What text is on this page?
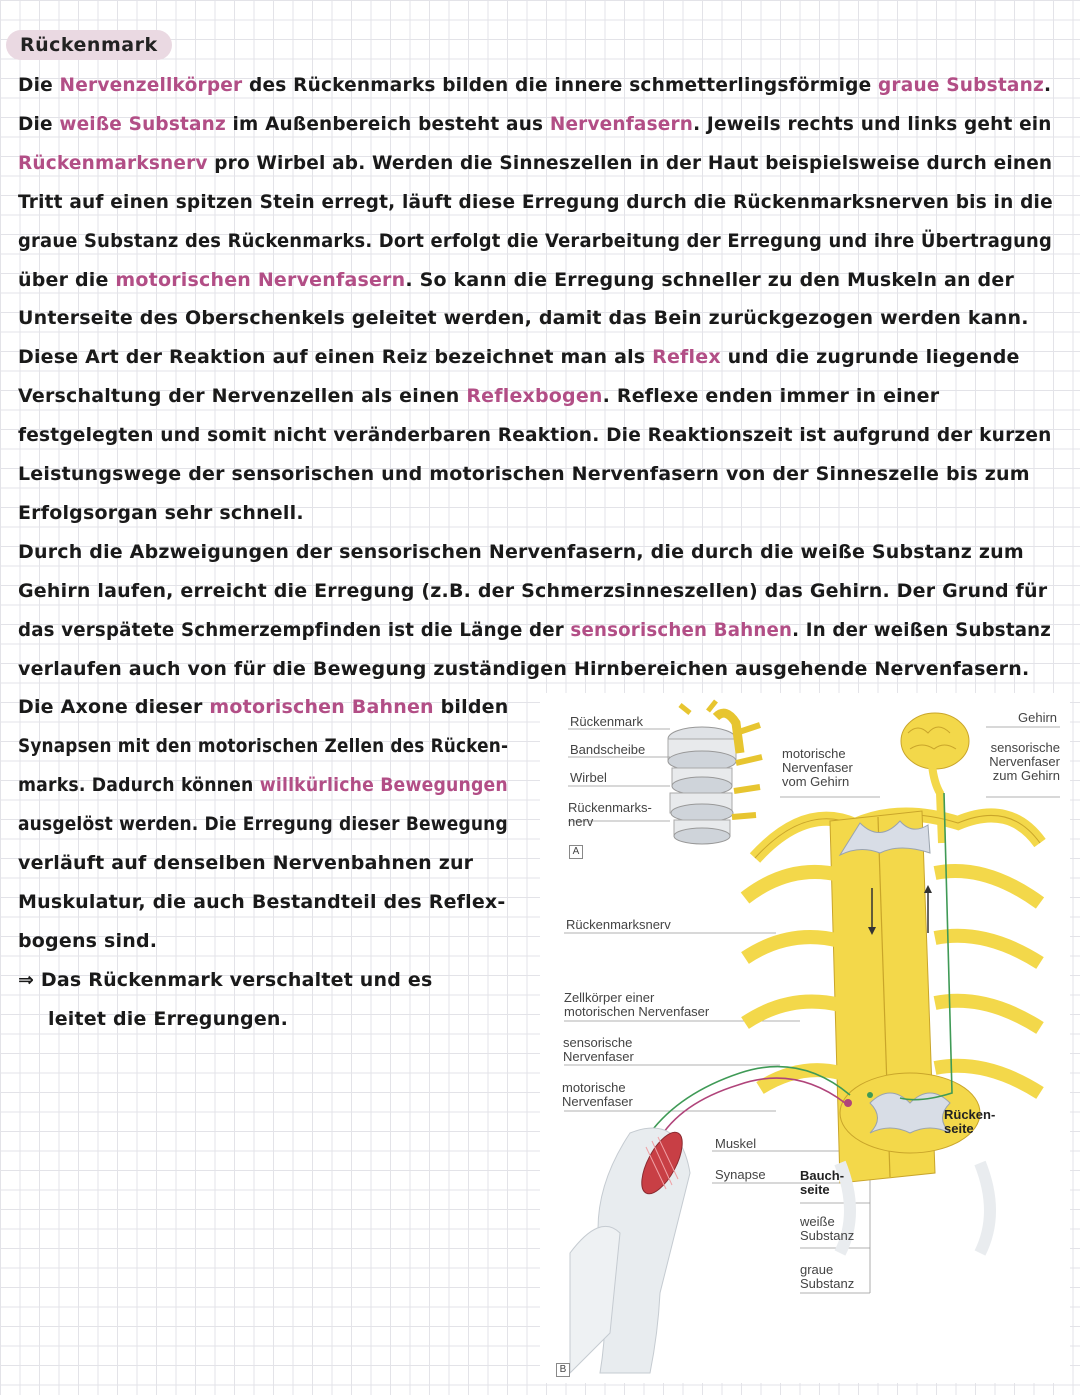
Rückenmark
Die Nervenzellkörper des Rückenmarks bilden die innere schmetterlingsförmige graue Substanz.
Die weiße Substanz im Außenbereich besteht aus Nervenfasern. Jeweils rechts und links geht ein
Rückenmarksnerv pro Wirbel ab. Werden die Sinneszellen in der Haut beispielsweise durch einen
Tritt auf einen spitzen Stein erregt, läuft diese Erregung durch die Rückenmarksnerven bis in die
graue Substanz des Rückenmarks. Dort erfolgt die Verarbeitung der Erregung und ihre Übertragung
über die motorischen Nervenfasern. So kann die Erregung schneller zu den Muskeln an der
Unterseite des Oberschenkels geleitet werden, damit das Bein zurückgezogen werden kann.
Diese Art der Reaktion auf einen Reiz bezeichnet man als Reflex und die zugrunde liegende
Verschaltung der Nervenzellen als einen Reflexbogen. Reflexe enden immer in einer
festgelegten und somit nicht veränderbaren Reaktion. Die Reaktionszeit ist aufgrund der kurzen
Leistungswege der sensorischen und motorischen Nervenfasern von der Sinneszelle bis zum
Erfolgsorgan sehr schnell.
Durch die Abzweigungen der sensorischen Nervenfasern, die durch die weiße Substanz zum
Gehirn laufen, erreicht die Erregung (z.B. der Schmerzsinneszellen) das Gehirn. Der Grund für
das verspätete Schmerzempfinden ist die Länge der sensorischen Bahnen. In der weißen Substanz
verlaufen auch von für die Bewegung zuständigen Hirnbereichen ausgehende Nervenfasern.
Die Axone dieser motorischen Bahnen bilden
Synapsen mit den motorischen Zellen des Rücken-
marks. Dadurch können willkürliche Bewegungen
ausgelöst werden. Die Erregung dieser Bewegung
verläuft auf denselben Nervenbahnen zur
Muskulatur, die auch Bestandteil des Reflex-
bogens sind.
⇒ Das Rückenmark verschaltet und es
leitet die Erregungen.
Rückenmark
Bandscheibe
Wirbel
Rückenmarks-
nerv
A
Rückenmarksnerv
Zellkörper einer
motorischen Nervenfaser
sensorische
Nervenfaser
motorische
Nervenfaser
Muskel
Synapse
motorische
Nervenfaser
vom Gehirn
Gehirn
sensorische
Nervenfaser
zum Gehirn
Rücken-
seite
Bauch-
seite
weiße
Substanz
graue
Substanz
B
